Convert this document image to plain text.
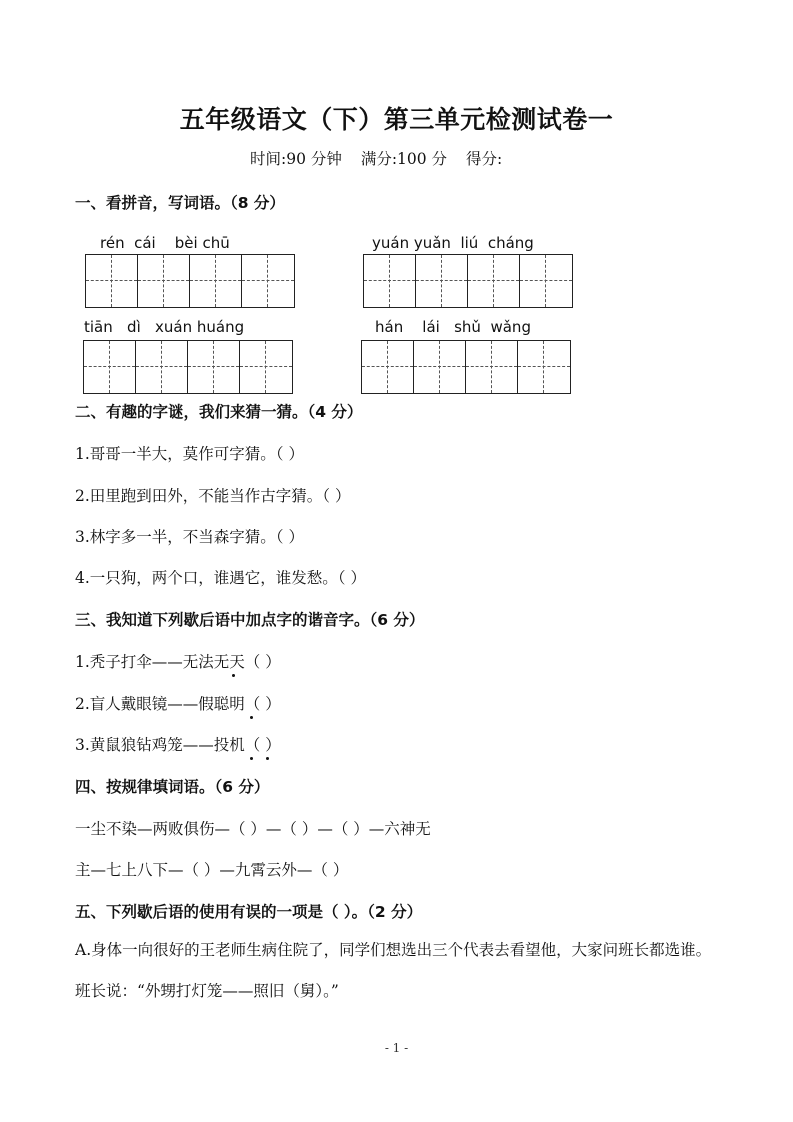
五年级语文（下）第三单元检测试卷一
时间:90 分钟 满分:100 分 得分:
一、看拼音，写词语。（8 分）
rén  cái    bèi chū	yuán yuǎn  liú  cháng
tiān   dì   xuán huáng	hán    lái   shǔ  wǎng
二、有趣的字谜，我们来猜一猜。（4 分）
1.哥哥一半大，莫作可字猜。（ ）
2.田里跑到田外，不能当作古字猜。（ ）
3.林字多一半，不当森字猜。（ ）
4.一只狗，两个口，谁遇它，谁发愁。（ ）
三、我知道下列歇后语中加点字的谐音字。（6 分）
1.秃子打伞——无法无天（ ）
2.盲人戴眼镜——假聪明（ ）
3.黄鼠狼钻鸡笼——投机（ ）
四、按规律填词语。（6 分）
一尘不染—两败俱伤—（ ）—（ ）—（ ）—六神无
主—七上八下—（ ）—九霄云外—（ ）
五、下列歇后语的使用有误的一项是（ ）。（2 分）
A.身体一向很好的王老师生病住院了，同学们想选出三个代表去看望他，大家问班长都选谁。班长说：“外甥打灯笼——照旧（舅）。”
- 1 -
